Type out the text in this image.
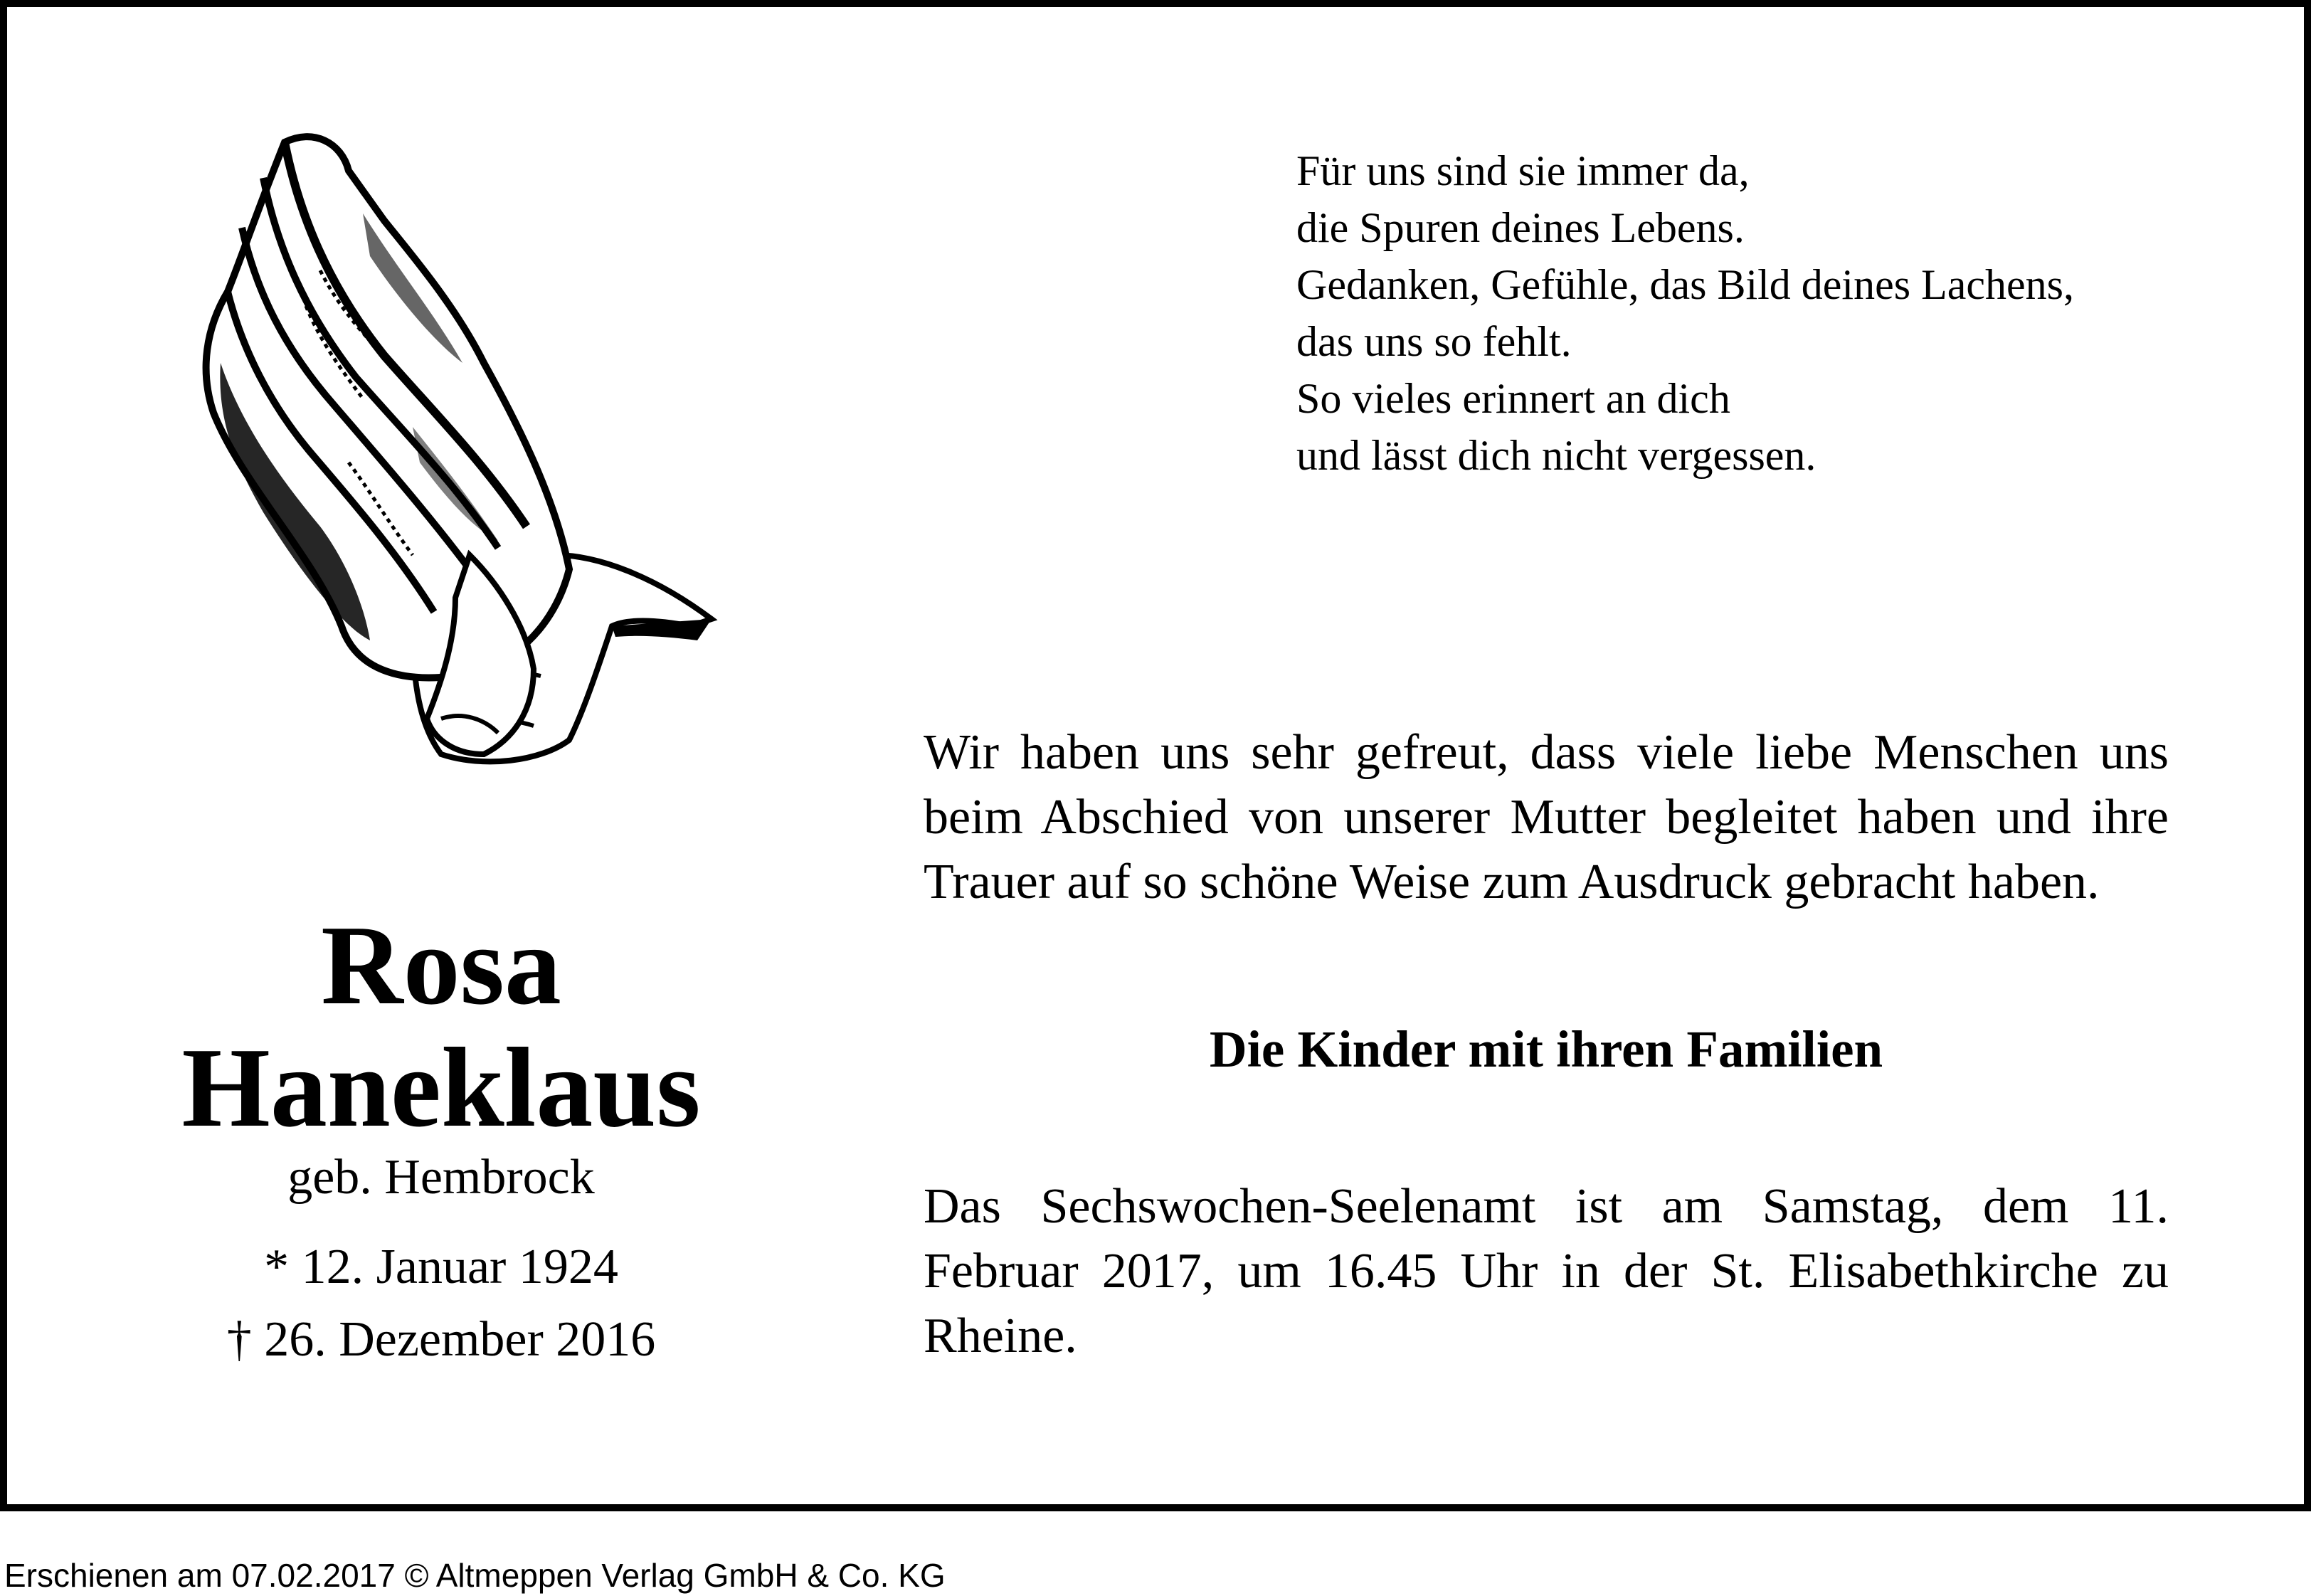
Für uns sind sie immer da,
die Spuren deines Lebens.
Gedanken, Gefühle, das Bild deines Lachens,
das uns so fehlt.
So vieles erinnert an dich
und lässt dich nicht vergessen.
Rosa
Haneklaus
geb. Hembrock
* 12. Januar 1924
† 26. Dezember 2016
Wir haben uns sehr gefreut, dass viele liebe Menschen uns beim Abschied von unserer Mutter begleitet haben und ihre Trauer auf so schöne Weise zum Ausdruck gebracht haben.
Die Kinder mit ihren Familien
Das Sechswochen-Seelenamt ist am Samstag, dem 11. Februar 2017, um 16.45 Uhr in der St. Elisabethkirche zu Rheine.
Erschienen am 07.02.2017 © Altmeppen Verlag GmbH & Co. KG
